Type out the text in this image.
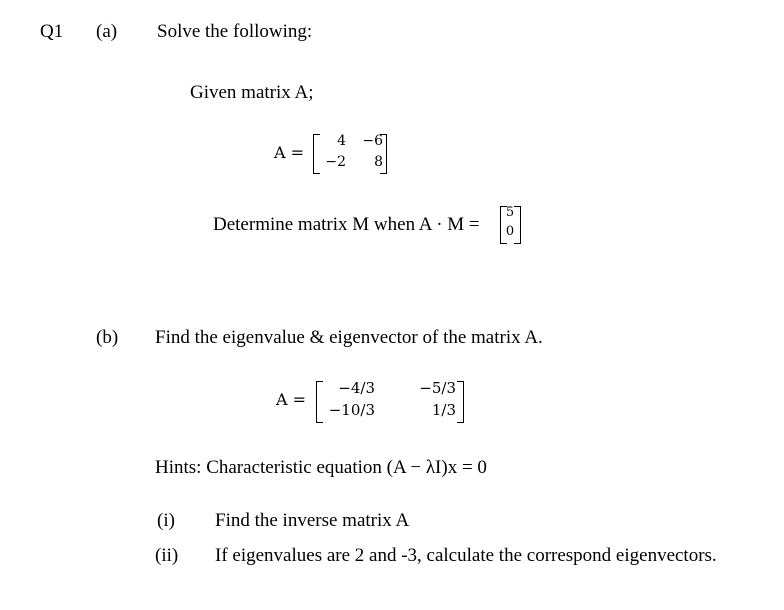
Q1 (a) Solve the following:
Given matrix A;
A =
4	−6
−2	8
Determine matrix M when A · M =
5
0
(b) Find the eigenvalue & eigenvector of the matrix A.
A =
−4/3	−5/3
−10/3	1/3
Hints: Characteristic equation (A − λI)x = 0
(i) Find the inverse matrix A
(ii) If eigenvalues are 2 and -3, calculate the correspond eigenvectors.
